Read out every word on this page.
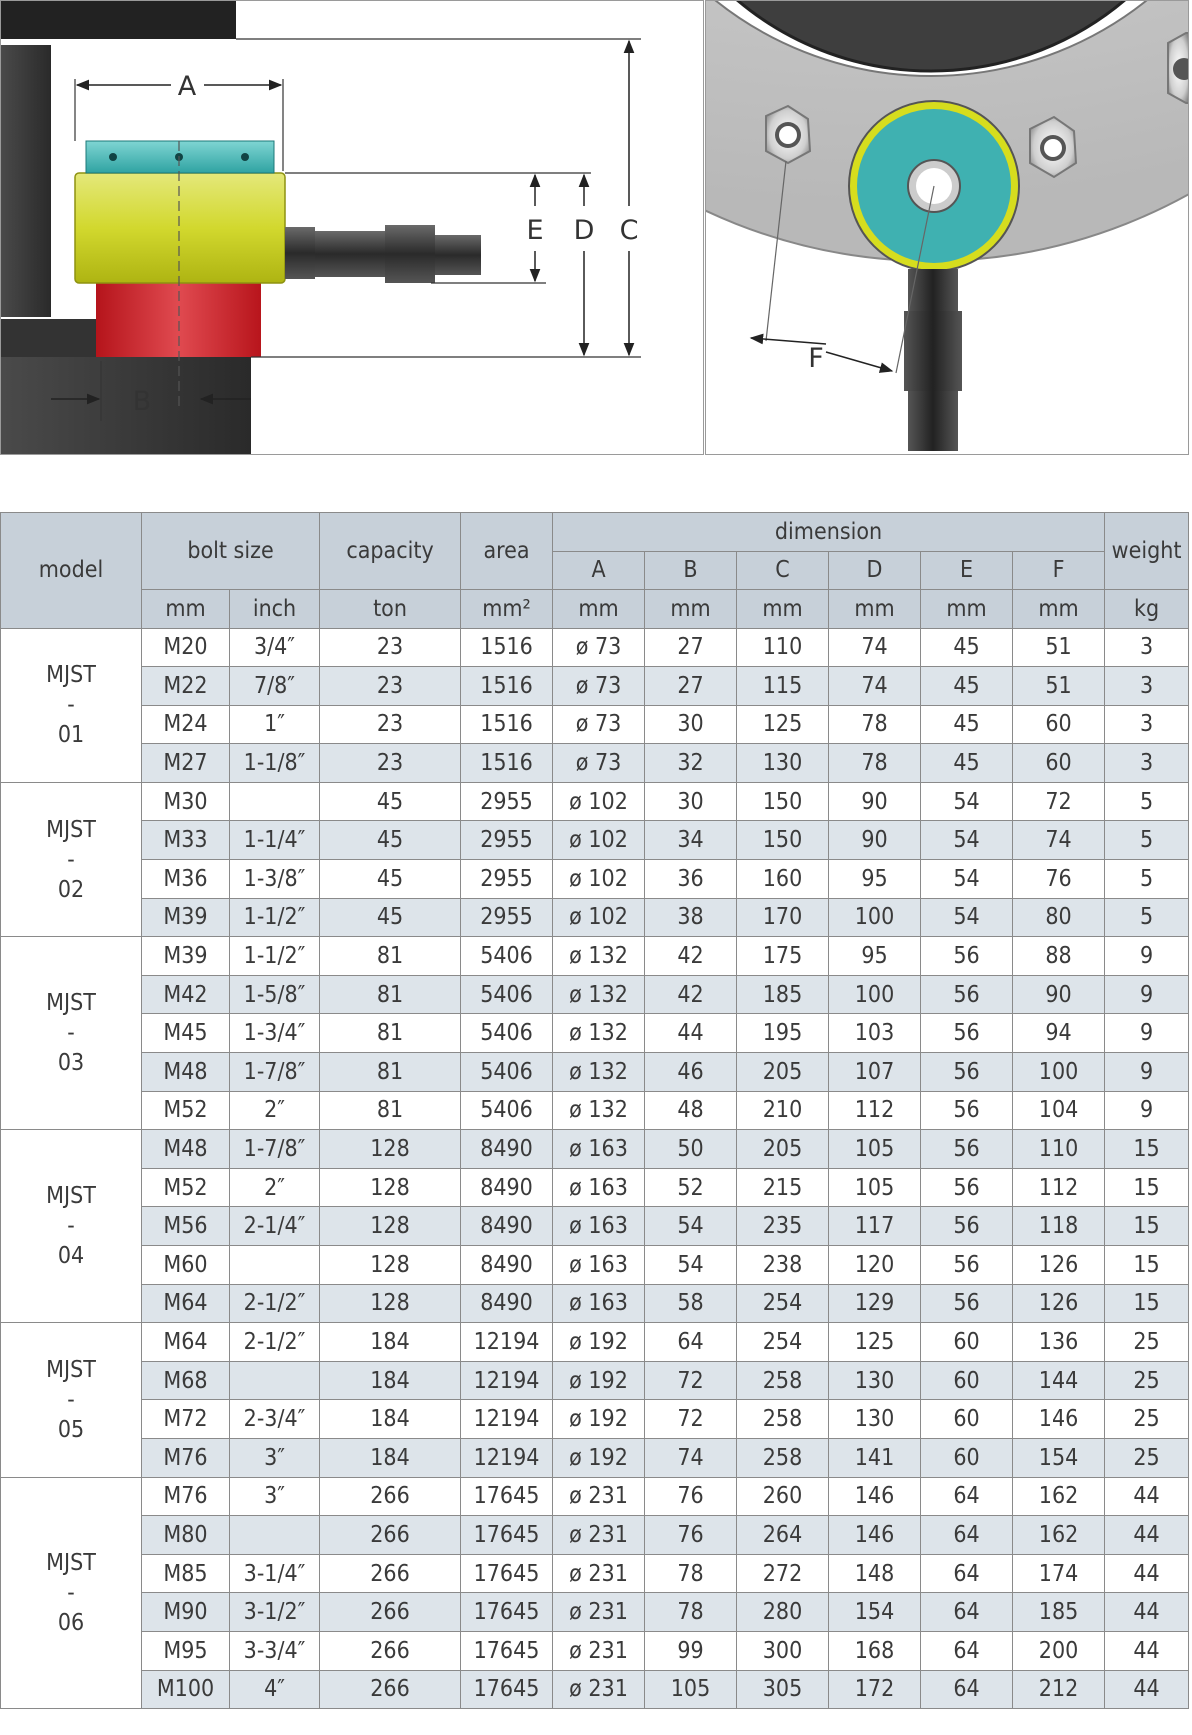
A
B
E D C
F
model	bolt size		capacity	area	dimension						weight
					A	B	C	D	E	F	
	mm	inch	ton	mm²	mm	mm	mm	mm	mm	mm	kg

MJST
-
01	M20	3/4″	23	1516	ø 73	27	110	74	45	51	3
	M22	7/8″	23	1516	ø 73	27	115	74	45	51	3
	M24	1″	23	1516	ø 73	30	125	78	45	60	3
	M27	1-1/8″	23	1516	ø 73	32	130	78	45	60	3

MJST
-
02	M30		45	2955	ø 102	30	150	90	54	72	5
	M33	1-1/4″	45	2955	ø 102	34	150	90	54	74	5
	M36	1-3/8″	45	2955	ø 102	36	160	95	54	76	5
	M39	1-1/2″	45	2955	ø 102	38	170	100	54	80	5

MJST
-
03	M39	1-1/2″	81	5406	ø 132	42	175	95	56	88	9
	M42	1-5/8″	81	5406	ø 132	42	185	100	56	90	9
	M45	1-3/4″	81	5406	ø 132	44	195	103	56	94	9
	M48	1-7/8″	81	5406	ø 132	46	205	107	56	100	9
	M52	2″	81	5406	ø 132	48	210	112	56	104	9

MJST
-
04	M48	1-7/8″	128	8490	ø 163	50	205	105	56	110	15
	M52	2″	128	8490	ø 163	52	215	105	56	112	15
	M56	2-1/4″	128	8490	ø 163	54	235	117	56	118	15
	M60		128	8490	ø 163	54	238	120	56	126	15
	M64	2-1/2″	128	8490	ø 163	58	254	129	56	126	15

MJST
-
05	M64	2-1/2″	184	12194	ø 192	64	254	125	60	136	25
	M68		184	12194	ø 192	72	258	130	60	144	25
	M72	2-3/4″	184	12194	ø 192	72	258	130	60	146	25
	M76	3″	184	12194	ø 192	74	258	141	60	154	25

MJST
-
06	M76	3″	266	17645	ø 231	76	260	146	64	162	44
	M80		266	17645	ø 231	76	264	146	64	162	44
	M85	3-1/4″	266	17645	ø 231	78	272	148	64	174	44
	M90	3-1/2″	266	17645	ø 231	78	280	154	64	185	44
	M95	3-3/4″	266	17645	ø 231	99	300	168	64	200	44
	M100	4″	266	17645	ø 231	105	305	172	64	212	44
